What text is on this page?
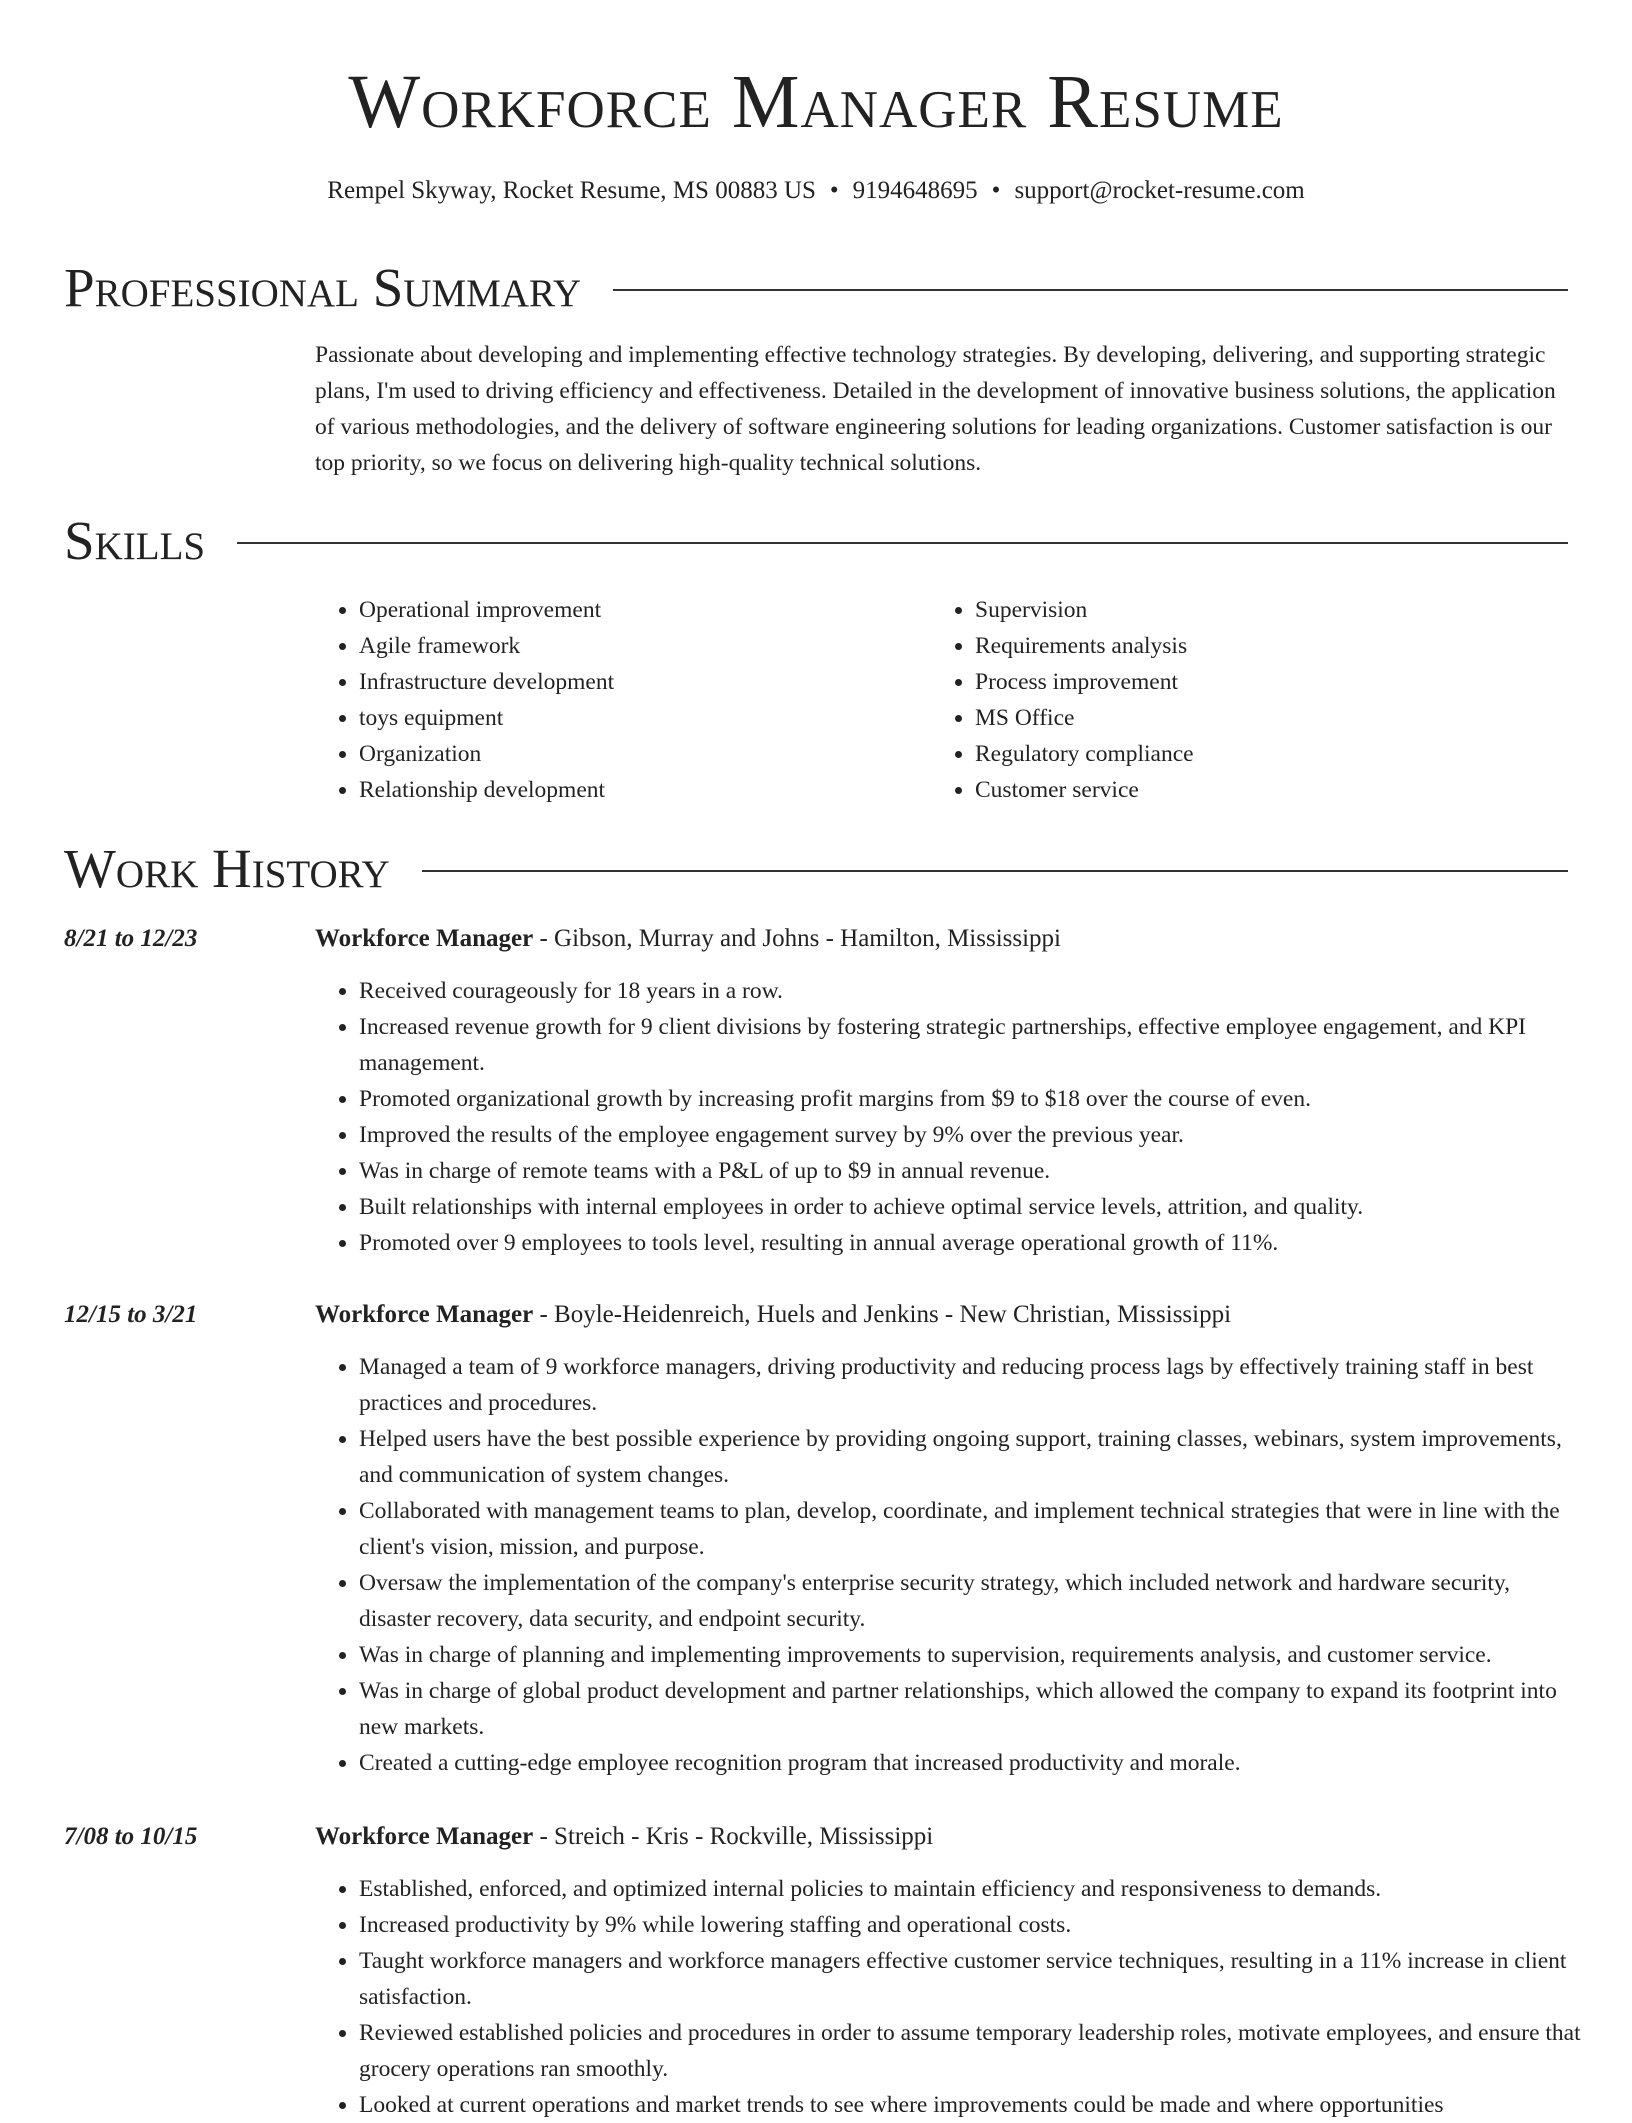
Workforce Manager Resume
Rempel Skyway, Rocket Resume, MS 00883 US • 9194648695 • support@rocket-resume.com
Professional Summary

Passionate about developing and implementing effective technology strategies. By developing, delivering, and supporting strategic plans, I'm used to driving efficiency and effectiveness. Detailed in the development of innovative business solutions, the application of various methodologies, and the delivery of software engineering solutions for leading organizations. Customer satisfaction is our top priority, so we focus on delivering high-quality technical solutions.

Skills
• Operational improvement
• Agile framework
• Infrastructure development
• toys equipment
• Organization
• Relationship development
• Supervision
• Requirements analysis
• Process improvement
• MS Office
• Regulatory compliance
• Customer service
Work History
8/21 to 12/23	Workforce Manager - Gibson, Murray and Johns - Hamilton, Mississippi
• Received courageously for 18 years in a row.
• Increased revenue growth for 9 client divisions by fostering strategic partnerships, effective employee engagement, and KPI management.
• Promoted organizational growth by increasing profit margins from $9 to $18 over the course of even.
• Improved the results of the employee engagement survey by 9% over the previous year.
• Was in charge of remote teams with a P&L of up to $9 in annual revenue.
• Built relationships with internal employees in order to achieve optimal service levels, attrition, and quality.
• Promoted over 9 employees to tools level, resulting in annual average operational growth of 11%.
12/15 to 3/21	Workforce Manager - Boyle-Heidenreich, Huels and Jenkins - New Christian, Mississippi
• Managed a team of 9 workforce managers, driving productivity and reducing process lags by effectively training staff in best practices and procedures.
• Helped users have the best possible experience by providing ongoing support, training classes, webinars, system improvements, and communication of system changes.
• Collaborated with management teams to plan, develop, coordinate, and implement technical strategies that were in line with the client's vision, mission, and purpose.
• Oversaw the implementation of the company's enterprise security strategy, which included network and hardware security, disaster recovery, data security, and endpoint security.
• Was in charge of planning and implementing improvements to supervision, requirements analysis, and customer service.
• Was in charge of global product development and partner relationships, which allowed the company to expand its footprint into new markets.
• Created a cutting-edge employee recognition program that increased productivity and morale.
7/08 to 10/15	Workforce Manager - Streich - Kris - Rockville, Mississippi
• Established, enforced, and optimized internal policies to maintain efficiency and responsiveness to demands.
• Increased productivity by 9% while lowering staffing and operational costs.
• Taught workforce managers and workforce managers effective customer service techniques, resulting in a 11% increase in client satisfaction.
• Reviewed established policies and procedures in order to assume temporary leadership roles, motivate employees, and ensure that grocery operations ran smoothly.
• Looked at current operations and market trends to see where improvements could be made and where opportunities
